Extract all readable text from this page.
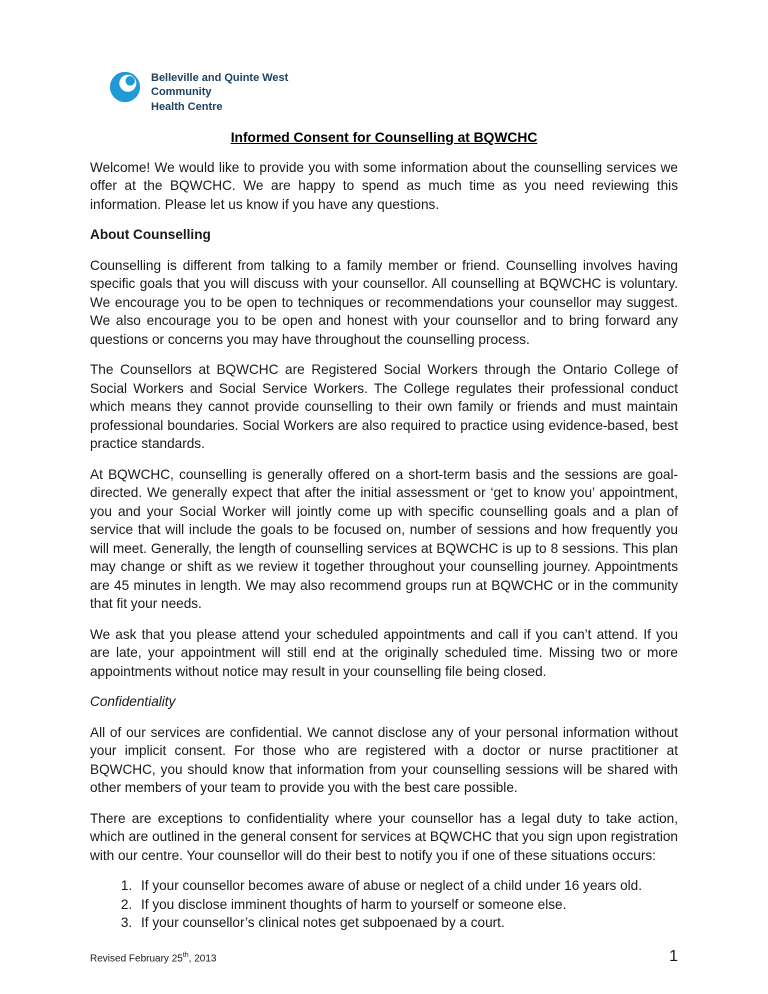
Belleville and Quinte West
Community
Health Centre
Informed Consent for Counselling at BQWCHC

Welcome! We would like to provide you with some information about the counselling services we offer at the BQWCHC. We are happy to spend as much time as you need reviewing this information. Please let us know if you have any questions.

About Counselling

Counselling is different from talking to a family member or friend. Counselling involves having specific goals that you will discuss with your counsellor. All counselling at BQWCHC is voluntary. We encourage you to be open to techniques or recommendations your counsellor may suggest. We also encourage you to be open and honest with your counsellor and to bring forward any questions or concerns you may have throughout the counselling process.

The Counsellors at BQWCHC are Registered Social Workers through the Ontario College of Social Workers and Social Service Workers. The College regulates their professional conduct which means they cannot provide counselling to their own family or friends and must maintain professional boundaries. Social Workers are also required to practice using evidence-based, best practice standards.

At BQWCHC, counselling is generally offered on a short-term basis and the sessions are goal-directed. We generally expect that after the initial assessment or ‘get to know you’ appointment, you and your Social Worker will jointly come up with specific counselling goals and a plan of service that will include the goals to be focused on, number of sessions and how frequently you will meet. Generally, the length of counselling services at BQWCHC is up to 8 sessions. This plan may change or shift as we review it together throughout your counselling journey. Appointments are 45 minutes in length. We may also recommend groups run at BQWCHC or in the community that fit your needs.

We ask that you please attend your scheduled appointments and call if you can’t attend. If you are late, your appointment will still end at the originally scheduled time. Missing two or more appointments without notice may result in your counselling file being closed.

Confidentiality

All of our services are confidential. We cannot disclose any of your personal information without your implicit consent. For those who are registered with a doctor or nurse practitioner at BQWCHC, you should know that information from your counselling sessions will be shared with other members of your team to provide you with the best care possible.

There are exceptions to confidentiality where your counsellor has a legal duty to take action, which are outlined in the general consent for services at BQWCHC that you sign upon registration with our centre. Your counsellor will do their best to notify you if one of these situations occurs:

1. If your counsellor becomes aware of abuse or neglect of a child under 16 years old.
2. If you disclose imminent thoughts of harm to yourself or someone else.
3. If your counsellor’s clinical notes get subpoenaed by a court.
Revised February 25th, 2013	1
